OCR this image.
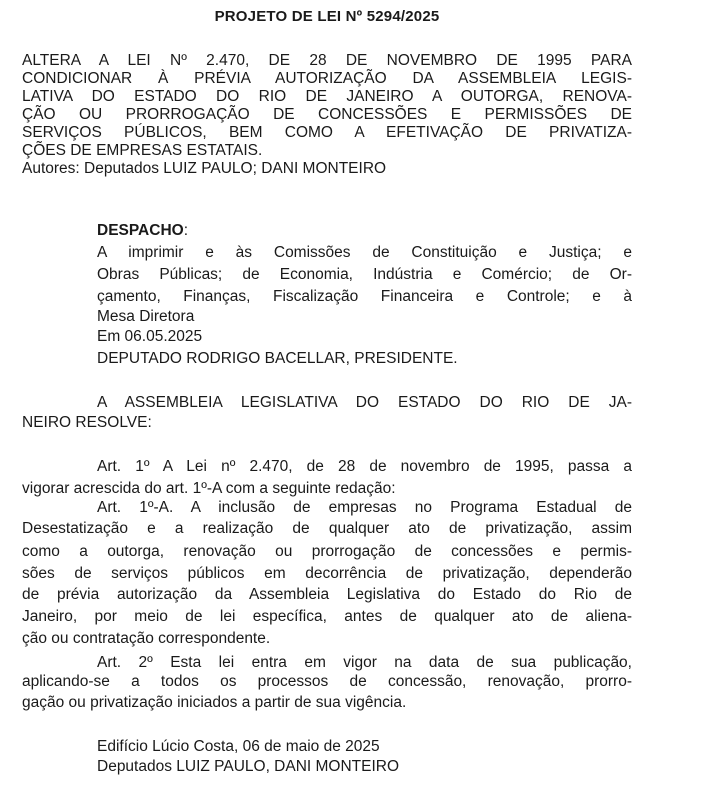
PROJETO DE LEI Nº 5294/2025
ALTERA A LEI Nº 2.470, DE 28 DE NOVEMBRO DE 1995 PARA
CONDICIONAR À PRÉVIA AUTORIZAÇÃO DA ASSEMBLEIA LEGIS-
LATIVA DO ESTADO DO RIO DE JANEIRO A OUTORGA, RENOVA-
ÇÃO OU PRORROGAÇÃO DE CONCESSÕES E PERMISSÕES DE
SERVIÇOS PÚBLICOS, BEM COMO A EFETIVAÇÃO DE PRIVATIZA-
ÇÕES DE EMPRESAS ESTATAIS.
Autores: Deputados LUIZ PAULO; DANI MONTEIRO
DESPACHO:
A imprimir e às Comissões de Constituição e Justiça; e
Obras Públicas; de Economia, Indústria e Comércio; de Or-
çamento, Finanças, Fiscalização Financeira e Controle; e à
Mesa Diretora
Em 06.05.2025
DEPUTADO RODRIGO BACELLAR, PRESIDENTE.
A ASSEMBLEIA LEGISLATIVA DO ESTADO DO RIO DE JA-
NEIRO RESOLVE:
Art. 1º A Lei nº 2.470, de 28 de novembro de 1995, passa a
vigorar acrescida do art. 1º-A com a seguinte redação:
Art. 1º-A. A inclusão de empresas no Programa Estadual de
Desestatização e a realização de qualquer ato de privatização, assim
como a outorga, renovação ou prorrogação de concessões e permis-
sões de serviços públicos em decorrência de privatização, dependerão
de prévia autorização da Assembleia Legislativa do Estado do Rio de
Janeiro, por meio de lei específica, antes de qualquer ato de aliena-
ção ou contratação correspondente.
Art. 2º Esta lei entra em vigor na data de sua publicação,
aplicando-se a todos os processos de concessão, renovação, prorro-
gação ou privatização iniciados a partir de sua vigência.
Edifício Lúcio Costa, 06 de maio de 2025
Deputados LUIZ PAULO, DANI MONTEIRO
